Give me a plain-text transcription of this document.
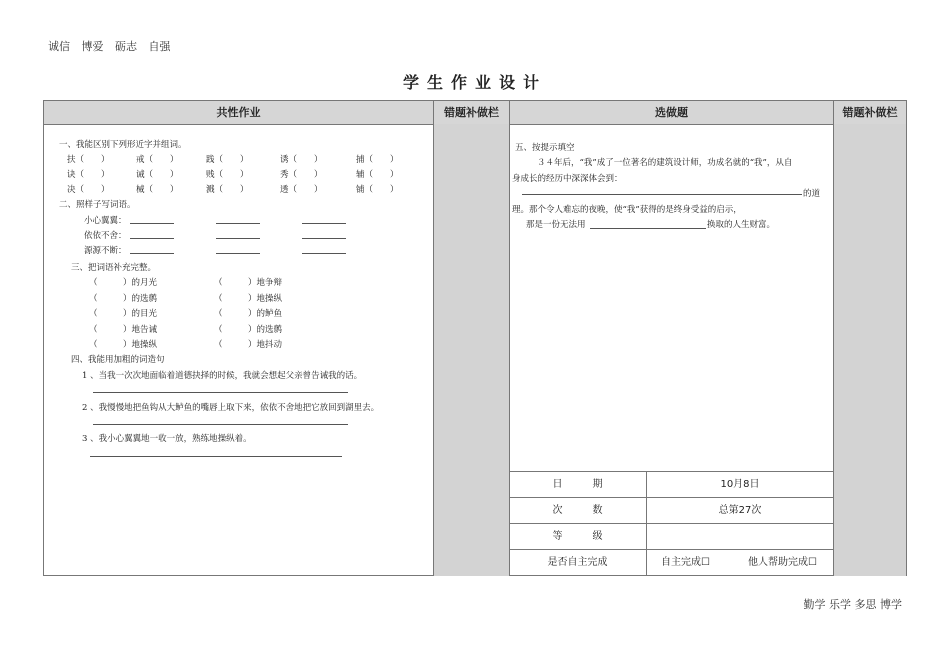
诚信 博爱 砺志 自强
学生作业设计
共性作业	错题补做栏	选做题	错题补做栏
一、我能区别下列形近字并组词。
扶（　　）	戒（　　）	践（　　）	诱（　　）	捕（　　）
诀（　　）	诫（　　）	贱（　　）	秀（　　）	辅（　　）
决（　　）	械（　　）	溅（　　）	透（　　）	铺（　　）
二、照样子写词语。
小心翼翼：
依依不舍：
源源不断：
三、把词语补充完整。
（　　　）的月光	（　　　）地争辩
（　　　）的选鹩	（　　　）地操纵
（　　　）的目光	（　　　）的鲈鱼
（　　　）地告诫	（　　　）的选鹩
（　　　）地操纵	（　　　）地抖动
四、我能用加粗的词造句
1 、当我一次次地面临着道德抉择的时候，我就会想起父亲曾告诫我的话。
2 、我慢慢地把鱼钩从大鲈鱼的嘴唇上取下来，依依不舍地把它放回到湖里去。
3 、我小心翼翼地一收一放，熟练地操纵着。
五、按提示填空
３４年后，“我”成了一位著名的建筑设计师，功成名就的“我”，从自
身成长的经历中深深体会到：
的道
理。那个令人难忘的夜晚，使“我”获得的是终身受益的启示，
那是一份无法用	换取的人生财富。
日　　　期	10月8日
次　　　数	总第27次
等　　　级
是否自主完成	自主完成☐	他人帮助完成☐
勤学 乐学 多思 博学
